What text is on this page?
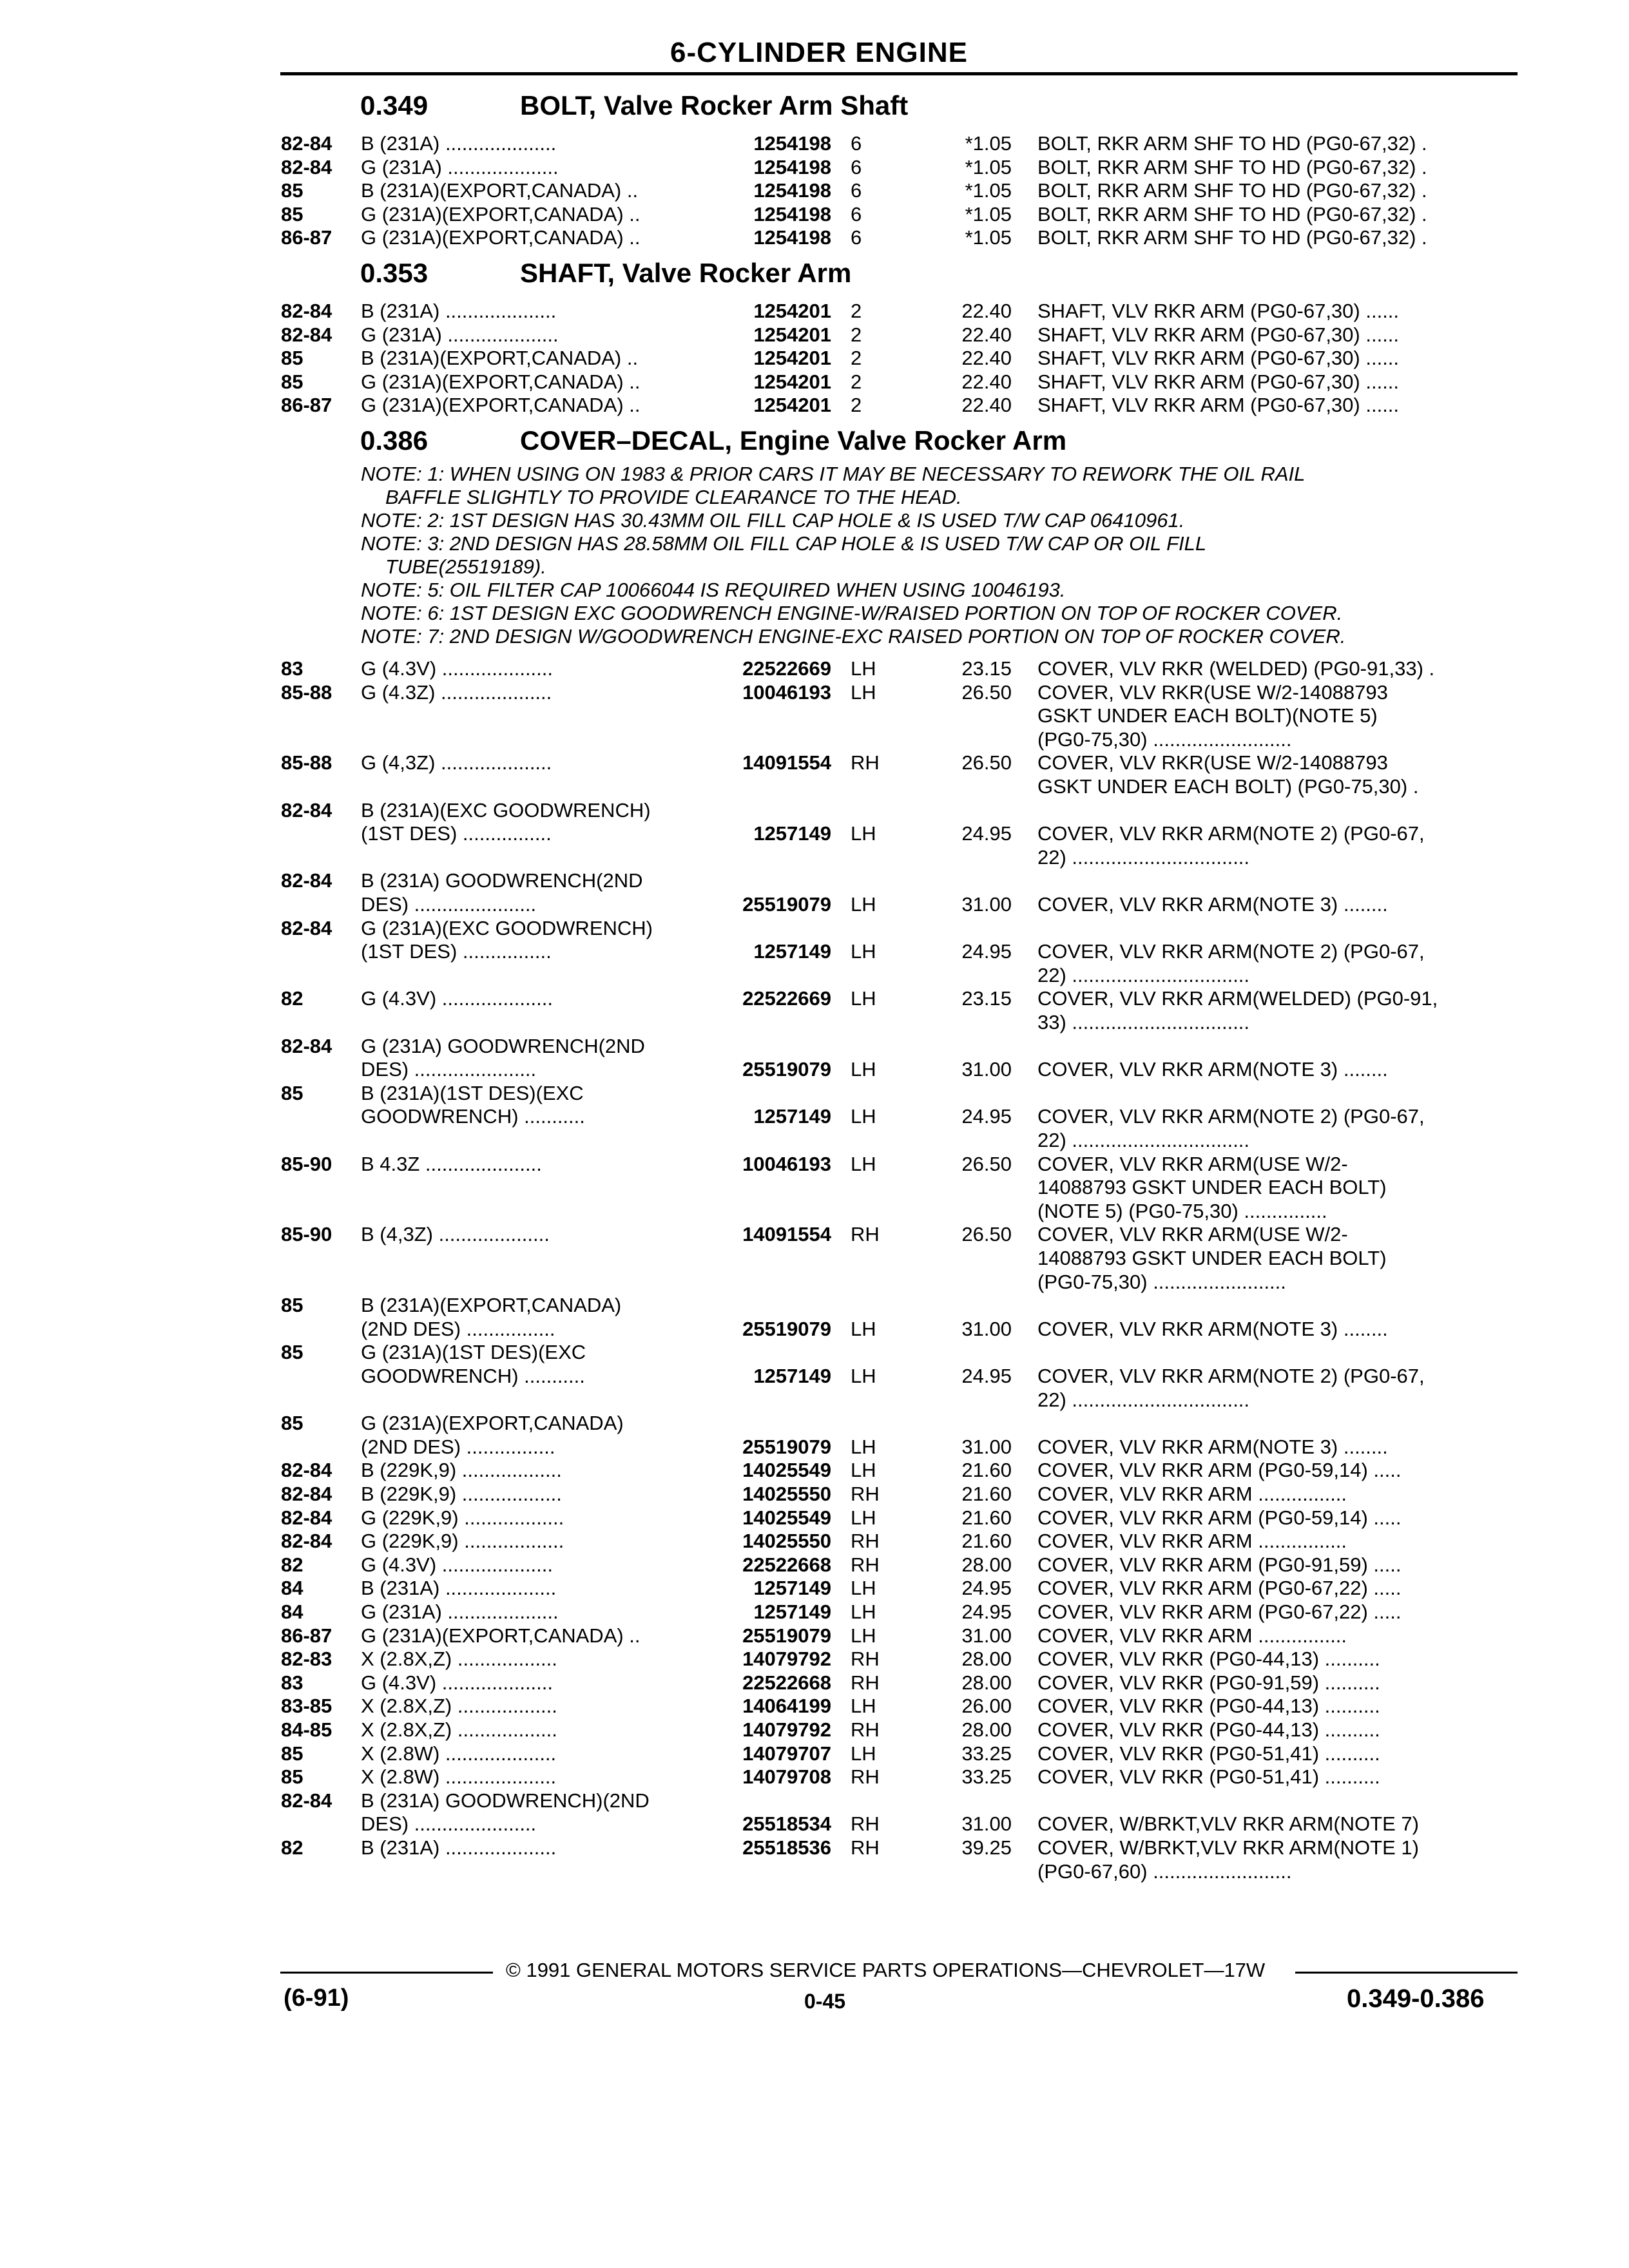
6-CYLINDER ENGINE
0.349	BOLT, Valve Rocker Arm Shaft
0.353	SHAFT, Valve Rocker Arm
0.386	COVER–DECAL, Engine Valve Rocker Arm
NOTE: 1: WHEN USING ON 1983 & PRIOR CARS IT MAY BE NECESSARY TO REWORK THE OIL RAIL
BAFFLE SLIGHTLY TO PROVIDE CLEARANCE TO THE HEAD.
NOTE: 2: 1ST DESIGN HAS 30.43MM OIL FILL CAP HOLE & IS USED T/W CAP 06410961.
NOTE: 3: 2ND DESIGN HAS 28.58MM OIL FILL CAP HOLE & IS USED T/W CAP OR OIL FILL
TUBE(25519189).
NOTE: 5: OIL FILTER CAP 10066044 IS REQUIRED WHEN USING 10046193.
NOTE: 6: 1ST DESIGN EXC GOODWRENCH ENGINE-W/RAISED PORTION ON TOP OF ROCKER COVER.
NOTE: 7: 2ND DESIGN W/GOODWRENCH ENGINE-EXC RAISED PORTION ON TOP OF ROCKER COVER.
82-84 B (231A) ....................	1254198 6	*1.05 BOLT, RKR ARM SHF TO HD (PG0-67,32) .
82-84 G (231A) ....................	1254198 6	*1.05 BOLT, RKR ARM SHF TO HD (PG0-67,32) .
85	B (231A)(EXPORT,CANADA) ..	1254198 6	*1.05 BOLT, RKR ARM SHF TO HD (PG0-67,32) .
85	G (231A)(EXPORT,CANADA) ..	1254198 6	*1.05 BOLT, RKR ARM SHF TO HD (PG0-67,32) .
86-87 G (231A)(EXPORT,CANADA) ..	1254198 6	*1.05 BOLT, RKR ARM SHF TO HD (PG0-67,32) .
82-84 B (231A) ....................	1254201 2	22.40 SHAFT, VLV RKR ARM (PG0-67,30) ......
82-84 G (231A) ....................	1254201 2	22.40 SHAFT, VLV RKR ARM (PG0-67,30) ......
85	B (231A)(EXPORT,CANADA) ..	1254201 2	22.40 SHAFT, VLV RKR ARM (PG0-67,30) ......
85	G (231A)(EXPORT,CANADA) ..	1254201 2	22.40 SHAFT, VLV RKR ARM (PG0-67,30) ......
86-87 G (231A)(EXPORT,CANADA) ..	1254201 2	22.40 SHAFT, VLV RKR ARM (PG0-67,30) ......
83	G (4.3V) ....................	22522669 LH	23.15 COVER, VLV RKR (WELDED) (PG0-91,33) .
85-88 G (4.3Z) ....................	10046193 LH	26.50 COVER, VLV RKR(USE W/2-14088793
GSKT UNDER EACH BOLT)(NOTE 5)
(PG0-75,30) .........................
85-88 G (4,3Z) ....................	14091554 RH	26.50 COVER, VLV RKR(USE W/2-14088793
GSKT UNDER EACH BOLT) (PG0-75,30) .
82-84 B (231A)(EXC GOODWRENCH)
(1ST DES) ................	1257149 LH	24.95 COVER, VLV RKR ARM(NOTE 2) (PG0-67,
22) ................................
82-84 B (231A) GOODWRENCH(2ND
DES) ......................	25519079 LH	31.00 COVER, VLV RKR ARM(NOTE 3) ........
82-84 G (231A)(EXC GOODWRENCH)
(1ST DES) ................	1257149 LH	24.95 COVER, VLV RKR ARM(NOTE 2) (PG0-67,
22) ................................
82	G (4.3V) ....................	22522669 LH	23.15 COVER, VLV RKR ARM(WELDED) (PG0-91,
33) ................................
82-84 G (231A) GOODWRENCH(2ND
DES) ......................	25519079 LH	31.00 COVER, VLV RKR ARM(NOTE 3) ........
85	B (231A)(1ST DES)(EXC
GOODWRENCH) ...........	1257149 LH	24.95 COVER, VLV RKR ARM(NOTE 2) (PG0-67,
22) ................................
85-90 B 4.3Z .....................	10046193 LH	26.50 COVER, VLV RKR ARM(USE W/2-
14088793 GSKT UNDER EACH BOLT)
(NOTE 5) (PG0-75,30) ...............
85-90 B (4,3Z) ....................	14091554 RH	26.50 COVER, VLV RKR ARM(USE W/2-
14088793 GSKT UNDER EACH BOLT)
(PG0-75,30) ........................
85	B (231A)(EXPORT,CANADA)
(2ND DES) ................	25519079 LH	31.00 COVER, VLV RKR ARM(NOTE 3) ........
85	G (231A)(1ST DES)(EXC
GOODWRENCH) ...........	1257149 LH	24.95 COVER, VLV RKR ARM(NOTE 2) (PG0-67,
22) ................................
85	G (231A)(EXPORT,CANADA)
(2ND DES) ................	25519079 LH	31.00 COVER, VLV RKR ARM(NOTE 3) ........
82-84 B (229K,9) ..................	14025549 LH	21.60 COVER, VLV RKR ARM (PG0-59,14) .....
82-84 B (229K,9) ..................	14025550 RH	21.60 COVER, VLV RKR ARM ................
82-84 G (229K,9) ..................	14025549 LH	21.60 COVER, VLV RKR ARM (PG0-59,14) .....
82-84 G (229K,9) ..................	14025550 RH	21.60 COVER, VLV RKR ARM ................
82	G (4.3V) ....................	22522668 RH	28.00 COVER, VLV RKR ARM (PG0-91,59) .....
84	B (231A) ....................	1257149 LH	24.95 COVER, VLV RKR ARM (PG0-67,22) .....
84	G (231A) ....................	1257149 LH	24.95 COVER, VLV RKR ARM (PG0-67,22) .....
86-87 G (231A)(EXPORT,CANADA) ..	25519079 LH	31.00 COVER, VLV RKR ARM ................
82-83 X (2.8X,Z) ..................	14079792 RH	28.00 COVER, VLV RKR (PG0-44,13) ..........
83	G (4.3V) ....................	22522668 RH	28.00 COVER, VLV RKR (PG0-91,59) ..........
83-85 X (2.8X,Z) ..................	14064199 LH	26.00 COVER, VLV RKR (PG0-44,13) ..........
84-85 X (2.8X,Z) ..................	14079792 RH	28.00 COVER, VLV RKR (PG0-44,13) ..........
85	X (2.8W) ....................	14079707 LH	33.25 COVER, VLV RKR (PG0-51,41) ..........
85	X (2.8W) ....................	14079708 RH	33.25 COVER, VLV RKR (PG0-51,41) ..........
82-84 B (231A) GOODWRENCH)(2ND
DES) ......................	25518534 RH	31.00 COVER, W/BRKT,VLV RKR ARM(NOTE 7)
82	B (231A) ....................	25518536 RH	39.25 COVER, W/BRKT,VLV RKR ARM(NOTE 1)
(PG0-67,60) .........................
© 1991 GENERAL MOTORS SERVICE PARTS OPERATIONS—CHEVROLET—17W
(6-91)	0-45	0.349-0.386
